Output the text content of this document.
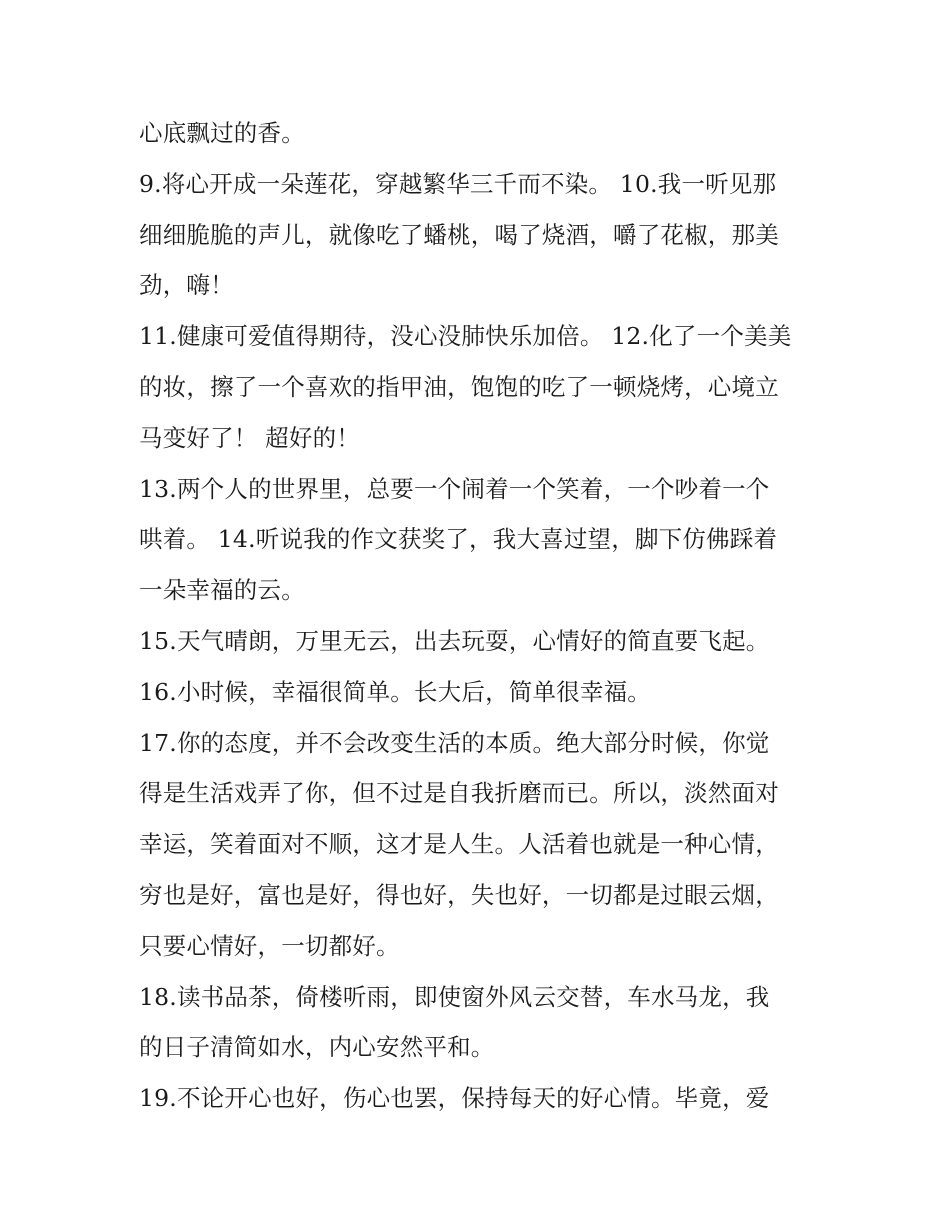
心底飘过的香。
9.将心开成一朵莲花，穿越繁华三千而不染。 10.我一听见那
细细脆脆的声儿，就像吃了蟠桃，喝了烧酒，嚼了花椒，那美
劲，嗨！
11.健康可爱值得期待，没心没肺快乐加倍。 12.化了一个美美
的妆，擦了一个喜欢的指甲油，饱饱的吃了一顿烧烤，心境立
马变好了！ 超好的！
13.两个人的世界里，总要一个闹着一个笑着，一个吵着一个
哄着。 14.听说我的作文获奖了，我大喜过望，脚下仿佛踩着
一朵幸福的云。
15.天气晴朗，万里无云，出去玩耍，心情好的简直要飞起。
16.小时候，幸福很简单。长大后，简单很幸福。
17.你的态度，并不会改变生活的本质。绝大部分时候，你觉
得是生活戏弄了你，但不过是自我折磨而已。所以，淡然面对
幸运，笑着面对不顺，这才是人生。人活着也就是一种心情，
穷也是好，富也是好，得也好，失也好，一切都是过眼云烟，
只要心情好，一切都好。
18.读书品茶，倚楼听雨，即使窗外风云交替，车水马龙，我
的日子清简如水，内心安然平和。
19.不论开心也好，伤心也罢，保持每天的好心情。毕竟，爱
